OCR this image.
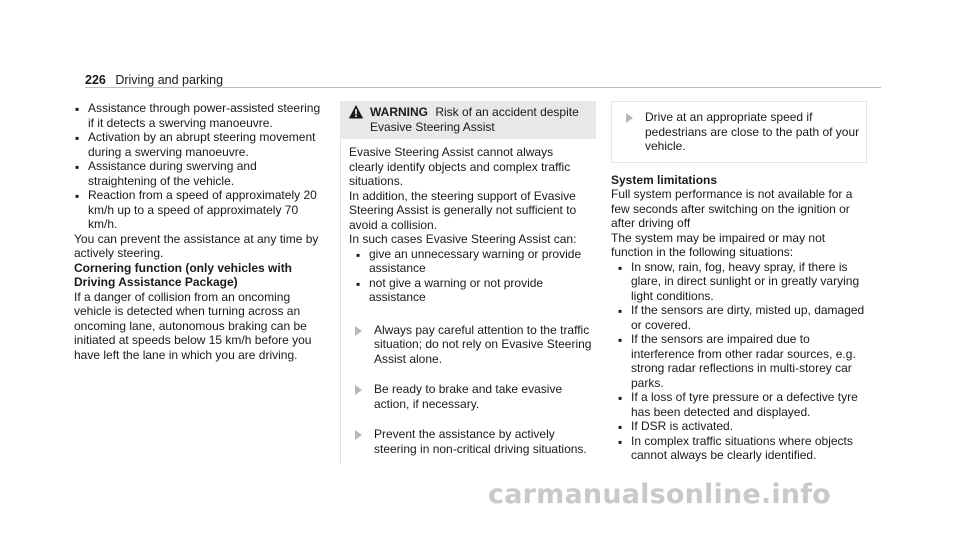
226 Driving and parking
▪ Assistance through power-assisted steering if it detects a swerving manoeuvre.
▪ Activation by an abrupt steering movement during a swerving manoeuvre.
▪ Assistance during swerving and straightening of the vehicle.
▪ Reaction from a speed of approximately 20 km/h up to a speed of approximately 70 km/h.

You can prevent the assistance at any time by actively steering.

Cornering function (only vehicles with Driving Assistance Package)

If a danger of collision from an oncoming vehicle is detected when turning across an oncoming lane, autonomous braking can be initiated at speeds below 15 km/h before you have left the lane in which you are driving.

WARNING Risk of an accident despite Evasive Steering Assist

Evasive Steering Assist cannot always clearly identify objects and complex traffic situations.

In addition, the steering support of Evasive Steering Assist is generally not sufficient to avoid a collision.

In such cases Evasive Steering Assist can:

▪ give an unnecessary warning or provide assistance
▪ not give a warning or not provide assistance
Always pay careful attention to the traffic situation; do not rely on Evasive Steering Assist alone.
Be ready to brake and take evasive action, if necessary.
Prevent the assistance by actively steering in non-critical driving situations.
Drive at an appropriate speed if pedestrians are close to the path of your vehicle.

System limitations

Full system performance is not available for a few seconds after switching on the ignition or after driving off

The system may be impaired or may not function in the following situations:

▪ In snow, rain, fog, heavy spray, if there is glare, in direct sunlight or in greatly varying light conditions.
▪ If the sensors are dirty, misted up, damaged or covered.
▪ If the sensors are impaired due to interference from other radar sources, e.g. strong radar reflections in multi-storey car parks.
▪ If a loss of tyre pressure or a defective tyre has been detected and displayed.
▪ If DSR is activated.
▪ In complex traffic situations where objects cannot always be clearly identified.
carmanualsonline.info
